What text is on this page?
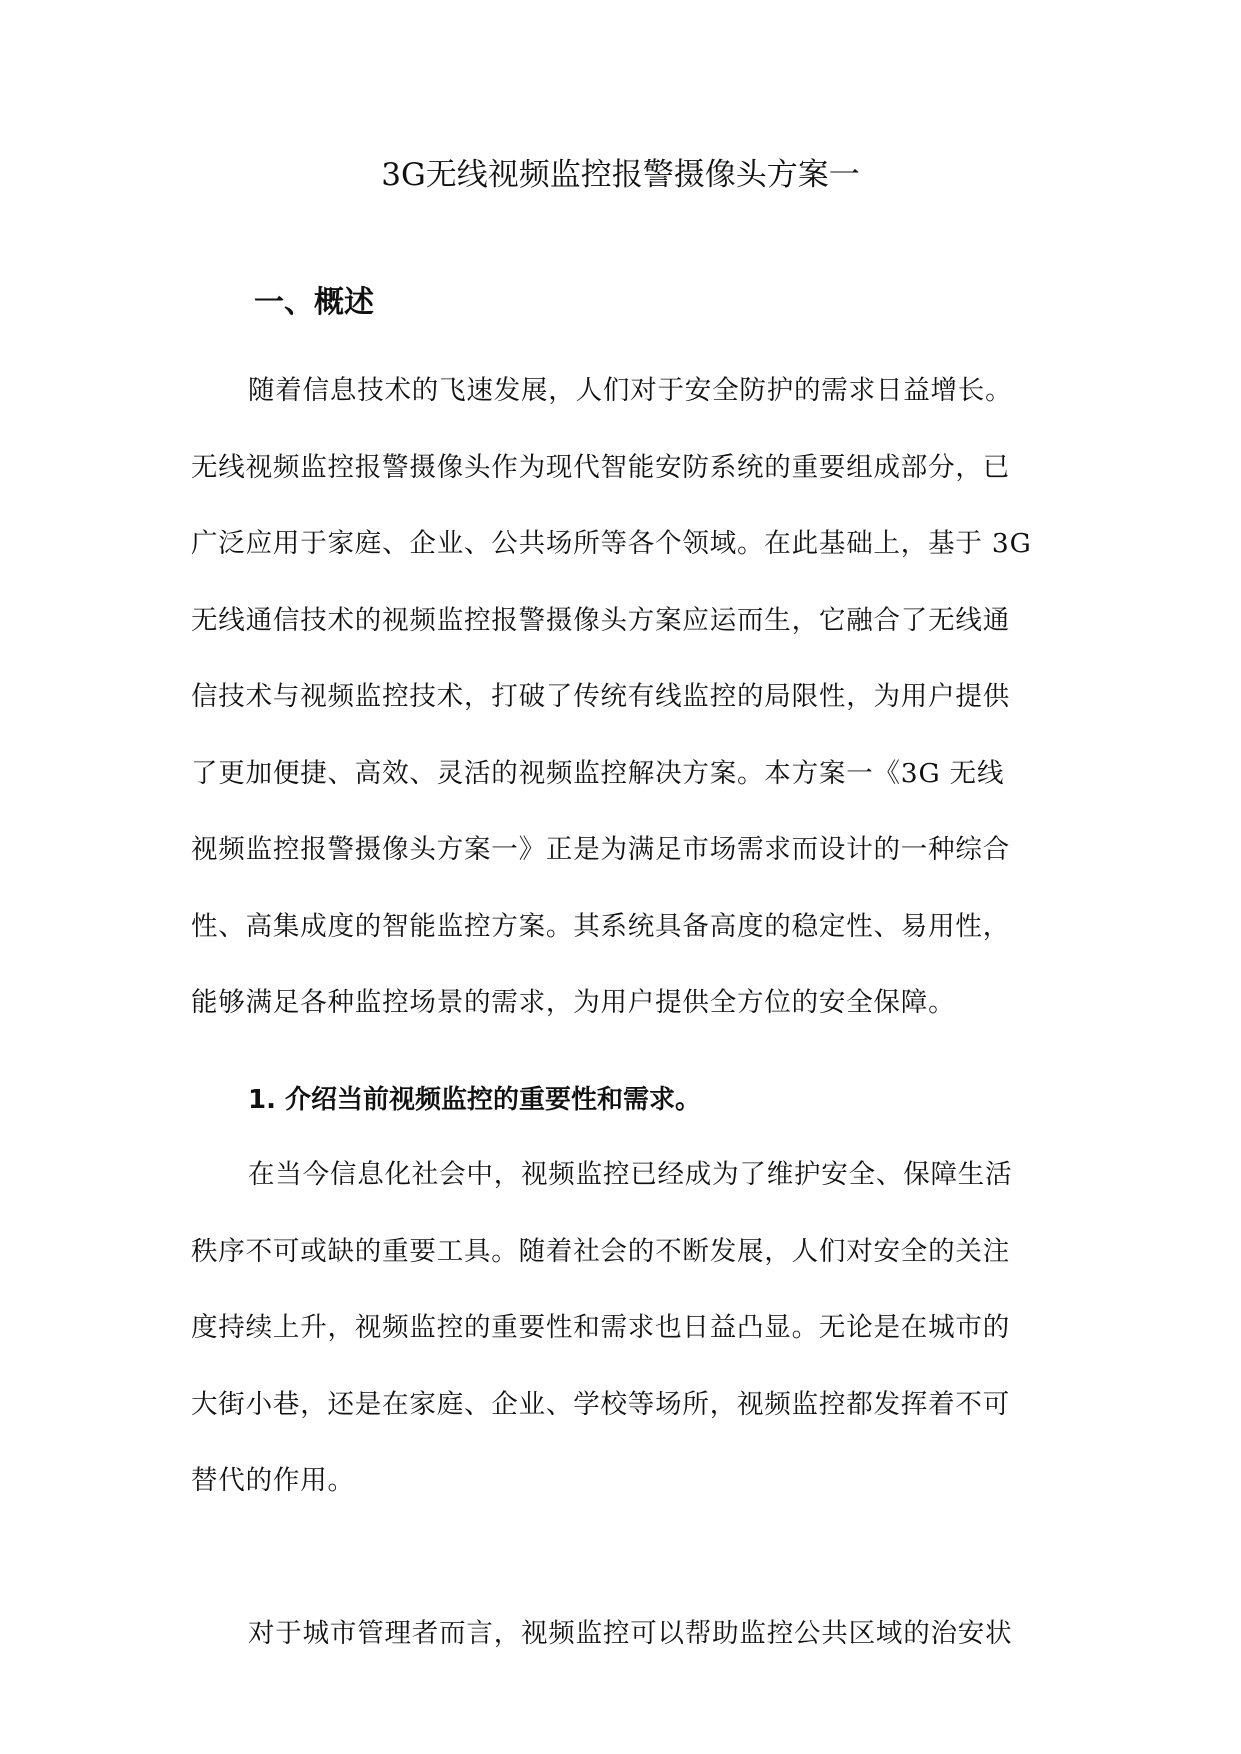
3G无线视频监控报警摄像头方案一
一、概述
随着信息技术的飞速发展，人们对于安全防护的需求日益增长。
无线视频监控报警摄像头作为现代智能安防系统的重要组成部分，已
广泛应用于家庭、企业、公共场所等各个领域。在此基础上，基于 3G
无线通信技术的视频监控报警摄像头方案应运而生，它融合了无线通
信技术与视频监控技术，打破了传统有线监控的局限性，为用户提供
了更加便捷、高效、灵活的视频监控解决方案。本方案一《3G 无线
视频监控报警摄像头方案一》正是为满足市场需求而设计的一种综合
性、高集成度的智能监控方案。其系统具备高度的稳定性、易用性，
能够满足各种监控场景的需求，为用户提供全方位的安全保障。
1. 介绍当前视频监控的重要性和需求。
在当今信息化社会中，视频监控已经成为了维护安全、保障生活
秩序不可或缺的重要工具。随着社会的不断发展，人们对安全的关注
度持续上升，视频监控的重要性和需求也日益凸显。无论是在城市的
大街小巷，还是在家庭、企业、学校等场所，视频监控都发挥着不可
替代的作用。
对于城市管理者而言，视频监控可以帮助监控公共区域的治安状
